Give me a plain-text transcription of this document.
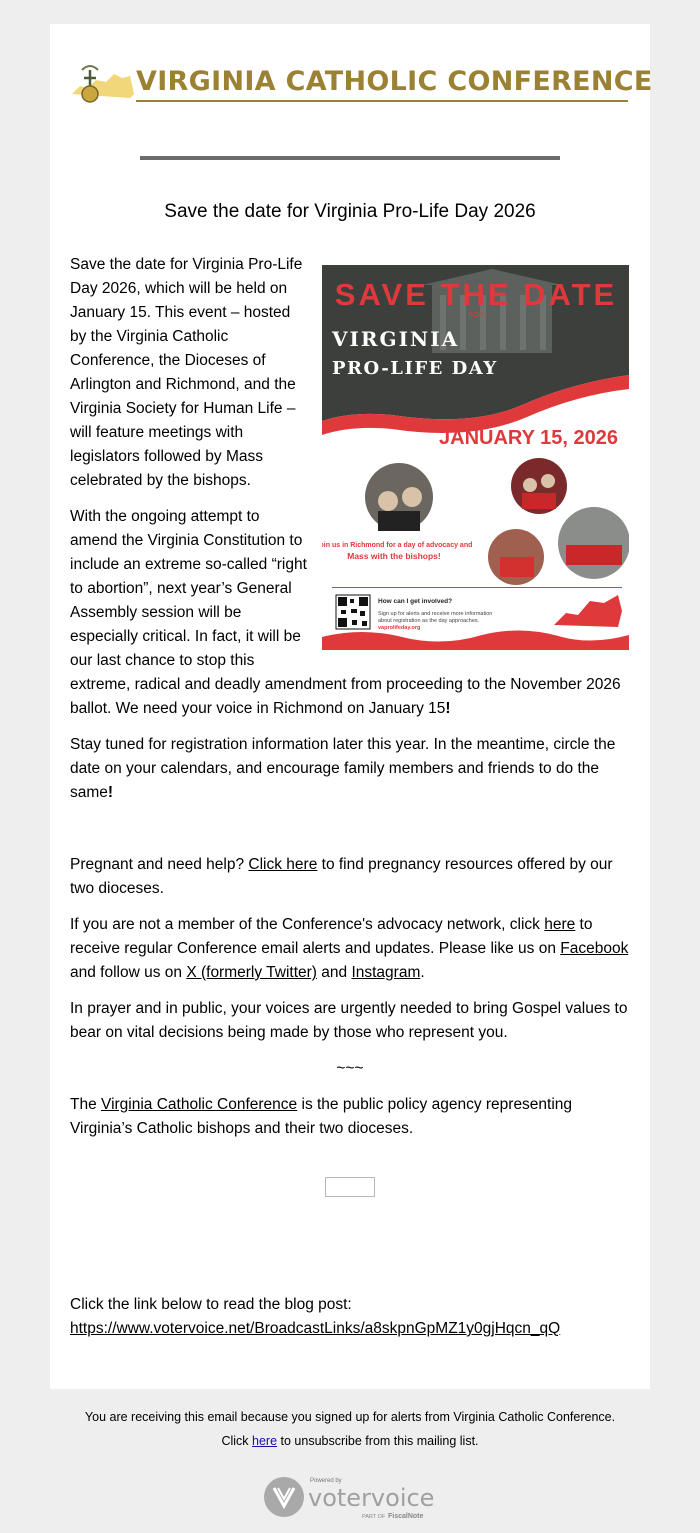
VIRGINIA CATHOLIC CONFERENCE
Save the date for Virginia Pro-Life Day 2026
SAVE THE DATE
FOR
VIRGINIA
PRO-LIFE DAY
JANUARY 15, 2026
Join us in Richmond for a day of advocacy and
Mass with the bishops!
How can I get involved?
Sign up for alerts and receive more information
about registration as the day approaches.
vaprolifeday.org

Save the date for Virginia Pro-Life Day 2026, which will be held on January 15. This event – hosted by the Virginia Catholic Conference, the Dioceses of Arlington and Richmond, and the Virginia Society for Human Life – will feature meetings with legislators followed by Mass celebrated by the bishops.

With the ongoing attempt to amend the Virginia Constitution to include an extreme so-called “right to abortion”, next year’s General Assembly session will be especially critical. In fact, it will be our last chance to stop this extreme, radical and deadly amendment from proceeding to the November 2026 ballot. We need your voice in Richmond on January 15!

Stay tuned for registration information later this year. In the meantime, circle the date on your calendars, and encourage family members and friends to do the same!

Pregnant and need help? Click here to find pregnancy resources offered by our two dioceses.

If you are not a member of the Conference's advocacy network, click here to receive regular Conference email alerts and updates. Please like us on Facebook and follow us on X (formerly Twitter) and Instagram.

In prayer and in public, your voices are urgently needed to bring Gospel values to bear on vital decisions being made by those who represent you.

~~~

The Virginia Catholic Conference is the public policy agency representing Virginia’s Catholic bishops and their two dioceses.

Click the link below to read the blog post:
https://www.votervoice.net/BroadcastLinks/a8skpnGpMZ1y0gjHqcn_qQ
You are receiving this email because you signed up for alerts from Virginia Catholic Conference.
Click here to unsubscribe from this mailing list.
Powered by
votervoice
PART OF FiscalNote
